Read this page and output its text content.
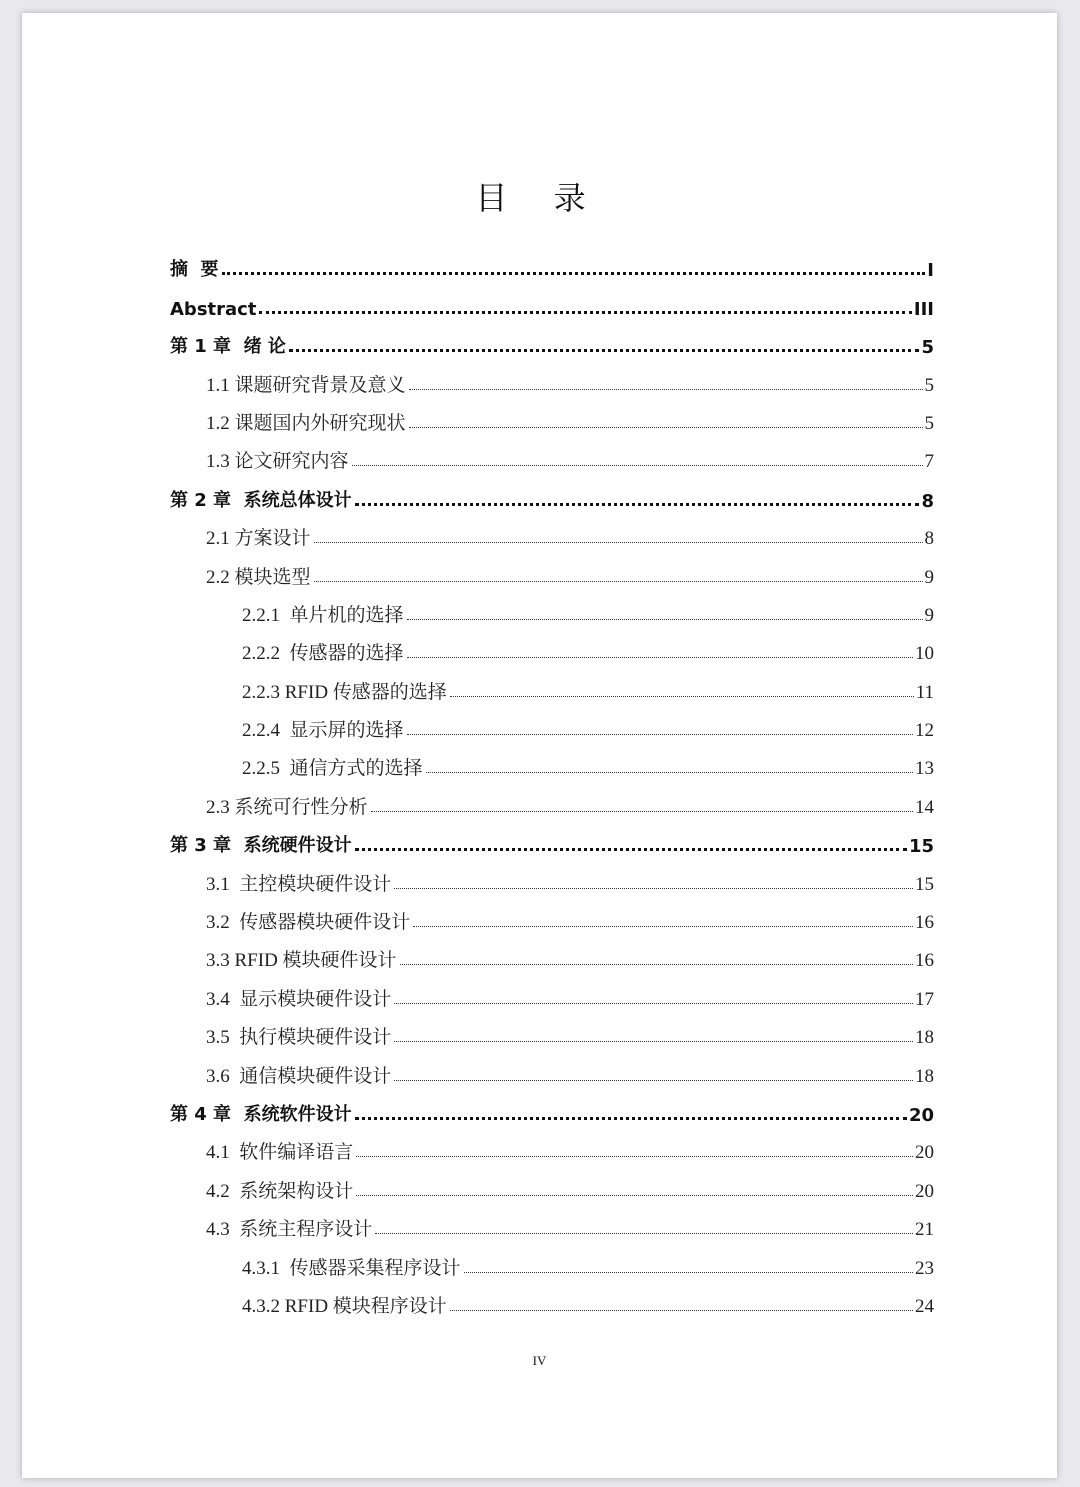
目 录
摘  要	I
Abstract	III
第 1 章  绪 论	5
1.1 课题研究背景及意义	5
1.2 课题国内外研究现状	5
1.3 论文研究内容	7
第 2 章  系统总体设计	8
2.1 方案设计	8
2.2 模块选型	9
2.2.1  单片机的选择	9
2.2.2  传感器的选择	10
2.2.3 RFID 传感器的选择	11
2.2.4  显示屏的选择	12
2.2.5  通信方式的选择	13
2.3 系统可行性分析	14
第 3 章  系统硬件设计	15
3.1  主控模块硬件设计	15
3.2  传感器模块硬件设计	16
3.3 RFID 模块硬件设计	16
3.4  显示模块硬件设计	17
3.5  执行模块硬件设计	18
3.6  通信模块硬件设计	18
第 4 章  系统软件设计	20
4.1  软件编译语言	20
4.2  系统架构设计	20
4.3  系统主程序设计	21
4.3.1  传感器采集程序设计	23
4.3.2 RFID 模块程序设计	24
IV
